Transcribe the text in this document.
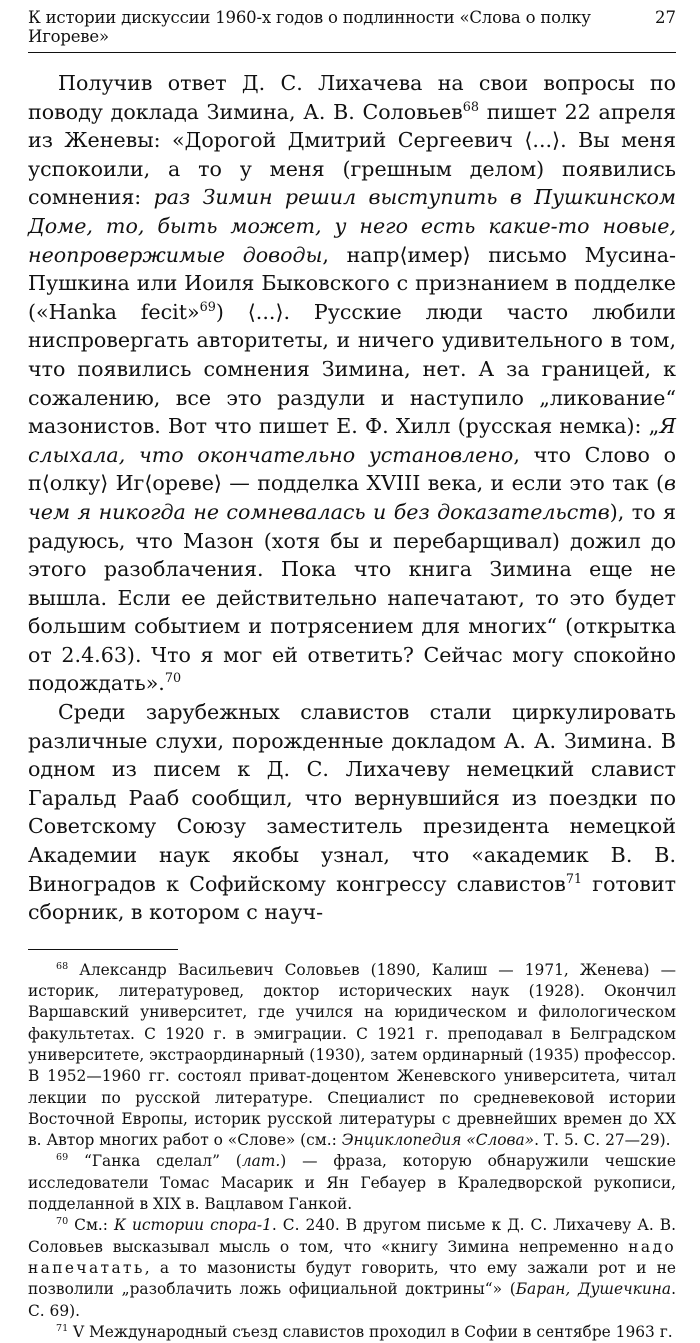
К истории дискуссии 1960-х годов о подлинности «Слова о полку Игореве»
27

Получив ответ Д. С. Лихачева на свои вопросы по поводу доклада Зимина, А. В. Соловьев$^{68}$ пишет 22 апреля из Женевы: «Дорогой Дмитрий Сергеевич ⟨...⟩. Вы меня успокоили, а то у меня (грешным делом) появились сомнения: раз Зимин решил выступить в Пушкинском Доме, то, быть может, у него есть какие-то новые, неопровержимые доводы, напр⟨имер⟩ письмо Мусина-Пушкина или Иоиля Быковского с признанием в подделке («Hanka fecit»$^{69}$) ⟨...⟩. Русские люди часто любили ниспровергать авторитеты, и ничего удивительного в том, что появились сомнения Зимина, нет. А за границей, к сожалению, все это раздули и наступило „ликование“ мазонистов. Вот что пишет Е. Ф. Хилл (русская немка): „Я слыхала, что окончательно установлено, что Слово о п⟨олку⟩ Иг⟨ореве⟩ — подделка XVIII века, и если это так (в чем я никогда не сомневалась и без доказательств), то я радуюсь, что Мазон (хотя бы и перебарщивал) дожил до этого разоблачения. Пока что книга Зимина еще не вышла. Если ее действительно напечатают, то это будет большим событием и потрясением для многих“ (открытка от 2.4.63). Что я мог ей ответить? Сейчас могу спокойно подождать».$^{70}$

Среди зарубежных славистов стали циркулировать различные слухи, порожденные докладом А. А. Зимина. В одном из писем к Д. С. Лихачеву немецкий славист Гаральд Рааб сообщил, что вернувшийся из поездки по Советскому Союзу заместитель президента немецкой Академии наук якобы узнал, что «академик В. В. Виноградов к Софийскому конгрессу славистов$^{71}$ готовит сборник, в котором с науч-

$^{68}$ Александр Васильевич Соловьев (1890, Калиш — 1971, Женева) — историк, литературовед, доктор исторических наук (1928). Окончил Варшавский университет, где учился на юридическом и филологическом факультетах. С 1920 г. в эмиграции. С 1921 г. преподавал в Белградском университете, экстраординарный (1930), затем ординарный (1935) профессор. В 1952—1960 гг. состоял приват-доцентом Женевского университета, читал лекции по русской литературе. Специалист по средневековой истории Восточной Европы, историк русской литературы с древнейших времен до XX в. Автор многих работ о «Слове» (см.: Энциклопедия «Слова». Т. 5. С. 27—29).

$^{69}$ “Ганка сделал” (лат.) — фраза, которую обнаружили чешские исследователи Томас Масарик и Ян Гебауер в Краледворской рукописи, подделанной в XIX в. Вацлавом Ганкой.

$^{70}$ См.: К истории спора-1. С. 240. В другом письме к Д. С. Лихачеву А. В. Соловьев высказывал мысль о том, что «книгу Зимина непременно надо напечатать, а то мазонисты будут говорить, что ему зажали рот и не позволили „разоблачить ложь официальной доктрины“» (Баран, Душечкина. С. 69).

$^{71}$ V Международный съезд славистов проходил в Софии в сентябре 1963 г.
